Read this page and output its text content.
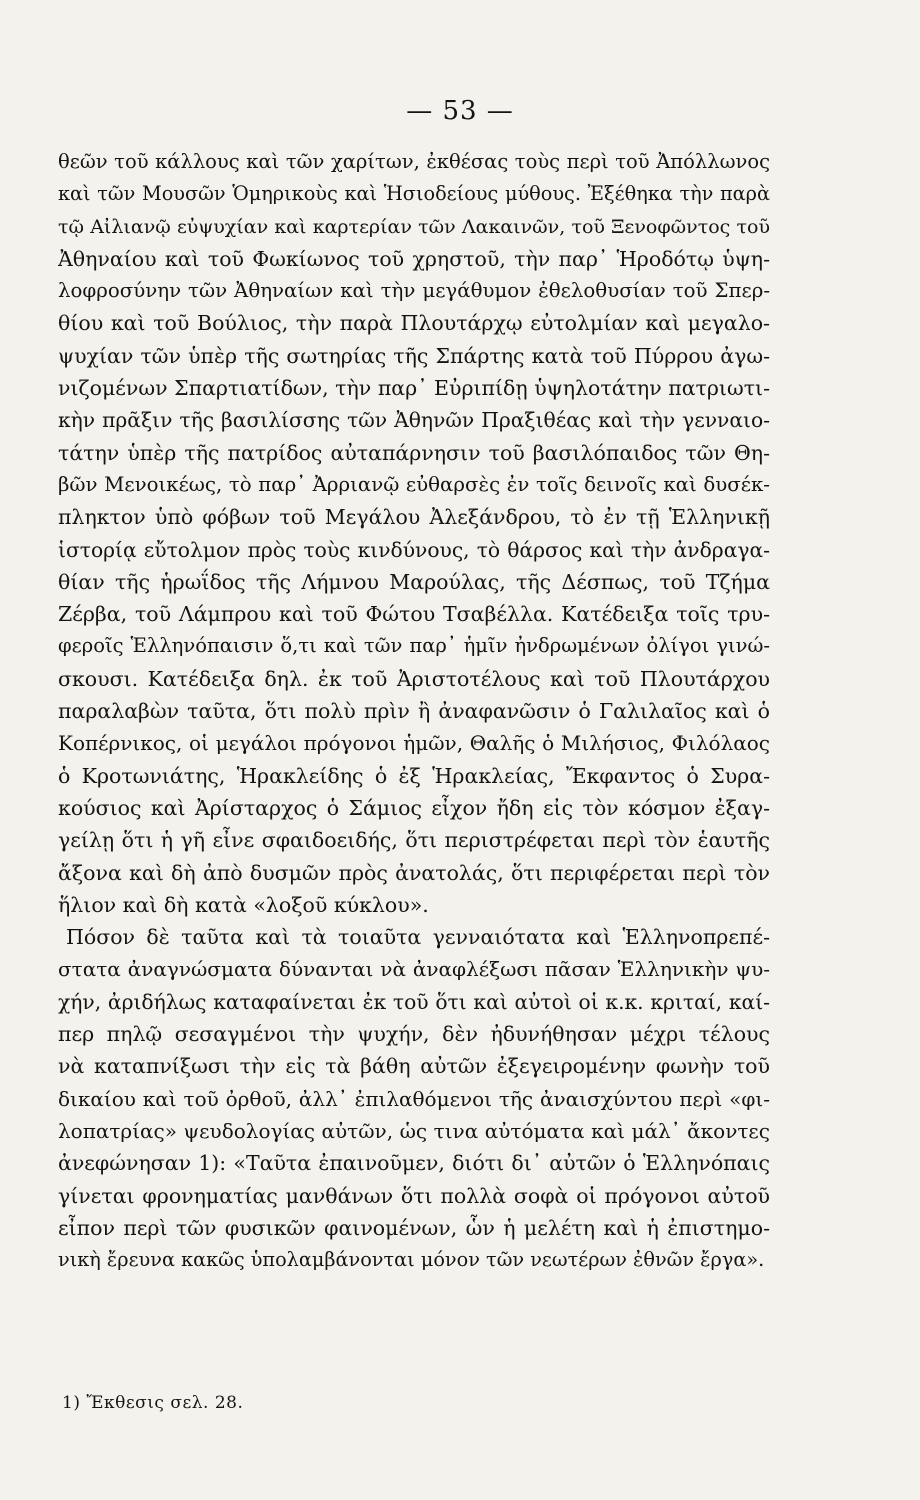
— 53 —
θεῶν τοῦ κάλλους καὶ τῶν χαρίτων, ἐκθέσας τοὺς περὶ τοῦ Ἀπόλλωνος
καὶ τῶν Μουσῶν Ὁμηρικοὺς καὶ Ἡσιοδείους μύθους. Ἐξέθηκα τὴν παρὰ
τῷ Αἰλιανῷ εὐψυχίαν καὶ καρτερίαν τῶν Λακαινῶν, τοῦ Ξενοφῶντος τοῦ
Ἀθηναίου καὶ τοῦ Φωκίωνος τοῦ χρηστοῦ, τὴν παρ᾽ Ἡροδότῳ ὑψη-
λοφροσύνην τῶν Ἀθηναίων καὶ τὴν μεγάθυμον ἐθελοθυσίαν τοῦ Σπερ-
θίου καὶ τοῦ Βούλιος, τὴν παρὰ Πλουτάρχῳ εὐτολμίαν καὶ μεγαλο-
ψυχίαν τῶν ὑπὲρ τῆς σωτηρίας τῆς Σπάρτης κατὰ τοῦ Πύρρου ἀγω-
νιζομένων Σπαρτιατίδων, τὴν παρ᾽ Εὐριπίδῃ ὑψηλοτάτην πατριωτι-
κὴν πρᾶξιν τῆς βασιλίσσης τῶν Ἀθηνῶν Πραξιθέας καὶ τὴν γενναιο-
τάτην ὑπὲρ τῆς πατρίδος αὐταπάρνησιν τοῦ βασιλόπαιδος τῶν Θη-
βῶν Μενοικέως, τὸ παρ᾽ Ἀρριανῷ εὐθαρσὲς ἐν τοῖς δεινοῖς καὶ δυσέκ-
πληκτον ὑπὸ φόβων τοῦ Μεγάλου Ἀλεξάνδρου, τὸ ἐν τῇ Ἑλληνικῇ
ἱστορίᾳ εὔτολμον πρὸς τοὺς κινδύνους, τὸ θάρσος καὶ τὴν ἀνδραγα-
θίαν τῆς ἡρωΐδος τῆς Λήμνου Μαρούλας, τῆς Δέσπως, τοῦ Τζήμα
Ζέρβα, τοῦ Λάμπρου καὶ τοῦ Φώτου Τσαβέλλα. Κατέδειξα τοῖς τρυ-
φεροῖς Ἑλληνόπαισιν ὅ,τι καὶ τῶν παρ᾽ ἡμῖν ἠνδρωμένων ὀλίγοι γινώ-
σκουσι. Κατέδειξα δηλ. ἐκ τοῦ Ἀριστοτέλους καὶ τοῦ Πλουτάρχου
παραλαβὼν ταῦτα, ὅτι πολὺ πρὶν ἢ ἀναφανῶσιν ὁ Γαλιλαῖος καὶ ὁ
Κοπέρνικος, οἱ μεγάλοι πρόγονοι ἡμῶν, Θαλῆς ὁ Μιλήσιος, Φιλόλαος
ὁ Κροτωνιάτης, Ἡρακλείδης ὁ ἐξ Ἡρακλείας, Ἔκφαντος ὁ Συρα-
κούσιος καὶ Ἀρίσταρχος ὁ Σάμιος εἶχον ἤδη εἰς τὸν κόσμον ἐξαγ-
γείλῃ ὅτι ἡ γῆ εἶνε σφαιδοειδής, ὅτι περιστρέφεται περὶ τὸν ἑαυτῆς
ἄξονα καὶ δὴ ἀπὸ δυσμῶν πρὸς ἀνατολάς, ὅτι περιφέρεται περὶ τὸν
ἥλιον καὶ δὴ κατὰ «λοξοῦ κύκλου».
Πόσον δὲ ταῦτα καὶ τὰ τοιαῦτα γενναιότατα καὶ Ἑλληνοπρεπέ-
στατα ἀναγνώσματα δύνανται νὰ ἀναφλέξωσι πᾶσαν Ἑλληνικὴν ψυ-
χήν, ἀριδήλως καταφαίνεται ἐκ τοῦ ὅτι καὶ αὐτοὶ οἱ κ.κ. κριταί, καί-
περ πηλῷ σεσαγμένοι τὴν ψυχήν, δὲν ἠδυνήθησαν μέχρι τέλους
νὰ καταπνίξωσι τὴν εἰς τὰ βάθη αὐτῶν ἐξεγειρομένην φωνὴν τοῦ
δικαίου καὶ τοῦ ὀρθοῦ, ἀλλ᾽ ἐπιλαθόμενοι τῆς ἀναισχύντου περὶ «φι-
λοπατρίας» ψευδολογίας αὐτῶν, ὡς τινα αὐτόματα καὶ μάλ᾽ ἄκοντες
ἀνεφώνησαν 1): «Ταῦτα ἐπαινοῦμεν, διότι δι᾽ αὐτῶν ὁ Ἑλληνόπαις
γίνεται φρονηματίας μανθάνων ὅτι πολλὰ σοφὰ οἱ πρόγονοι αὐτοῦ
εἶπον περὶ τῶν φυσικῶν φαινομένων, ὧν ἡ μελέτη καὶ ἡ ἐπιστημο-
νικὴ ἔρευνα κακῶς ὑπολαμβάνονται μόνον τῶν νεωτέρων ἐθνῶν ἔργα».
1) Ἔκθεσις σελ. 28.
